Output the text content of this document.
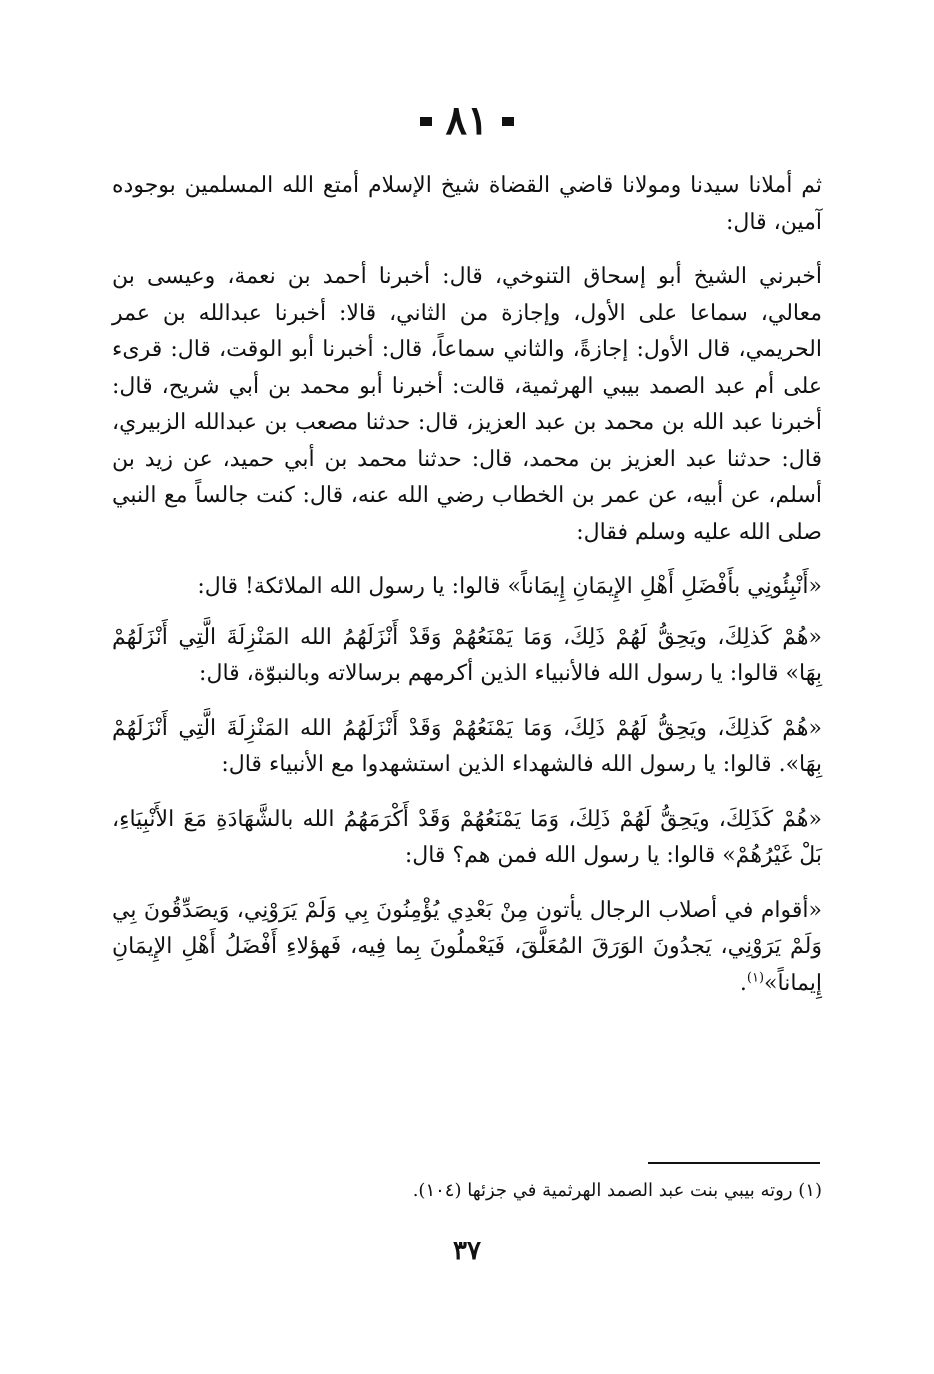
٨١

ثم أملانا سيدنا ومولانا قاضي القضاة شيخ الإسلام أمتع الله المسلمين بوجوده آمين، قال:

أخبرني الشيخ أبو إسحاق التنوخي، قال: أخبرنا أحمد بن نعمة، وعيسى بن معالي، سماعا على الأول، وإجازة من الثاني، قالا: أخبرنا عبدالله بن عمر الحريمي، قال الأول: إجازةً، والثاني سماعاً، قال: أخبرنا أبو الوقت، قال: قرىء على أم عبد الصمد بيبي الهرثمية، قالت: أخبرنا أبو محمد بن أبي شريح، قال: أخبرنا عبد الله بن محمد بن عبد العزيز، قال: حدثنا مصعب بن عبدالله الزبيري، قال: حدثنا عبد العزيز بن محمد، قال: حدثنا محمد بن أبي حميد، عن زيد بن أسلم، عن أبيه، عن عمر بن الخطاب رضي الله عنه، قال: كنت جالساً مع النبي صلى الله عليه وسلم فقال:

«أَنْبِئُونِي بأَفْضَلِ أَهْلِ الإِيمَانِ إِيمَاناً» قالوا: يا رسول الله الملائكة! قال:

«هُمْ كَذلِكَ، ويَحِقُّ لَهُمْ ذَلِكَ، وَمَا يَمْنَعُهُمْ وَقَدْ أَنْزَلَهُمُ الله المَنْزِلَةَ الَّتِي أَنْزَلَهُمْ بِهَا» قالوا: يا رسول الله فالأنبياء الذين أكرمهم برسالاته وبالنبوّة، قال:

«هُمْ كَذلِكَ، ويَحِقُّ لَهُمْ ذَلِكَ، وَمَا يَمْنَعُهُمْ وَقَدْ أَنْزَلَهُمُ الله المَنْزِلَةَ الَّتِي أَنْزَلَهُمْ بِهَا». قالوا: يا رسول الله فالشهداء الذين استشهدوا مع الأنبياء قال:

«هُمْ كَذَلِكَ، ويَحِقُّ لَهُمْ ذَلِكَ، وَمَا يَمْنَعُهُمْ وَقَدْ أَكْرَمَهُمُ الله بالشَّهَادَةِ مَعَ الأَنْبِيَاءِ، بَلْ غَيْرُهُمْ» قالوا: يا رسول الله فمن هم؟ قال:

«أقوام في أصلاب الرجال يأتون مِنْ بَعْدِي يُؤْمِنُونَ بِي وَلَمْ يَرَوْنِي، وَيصَدِّقُونَ بِي وَلَمْ يَرَوْنِي، يَجدُونَ الوَرَقَ المُعَلَّقَ، فَيَعْملُونَ بِما فِيه، فَهؤلاءِ أَفْضَلُ أَهْلِ الإِيمَانِ إِيماناً»$^{(١)}$.

(١) روته بيبي بنت عبد الصمد الهرثمية في جزئها (١٠٤).
٣٧
